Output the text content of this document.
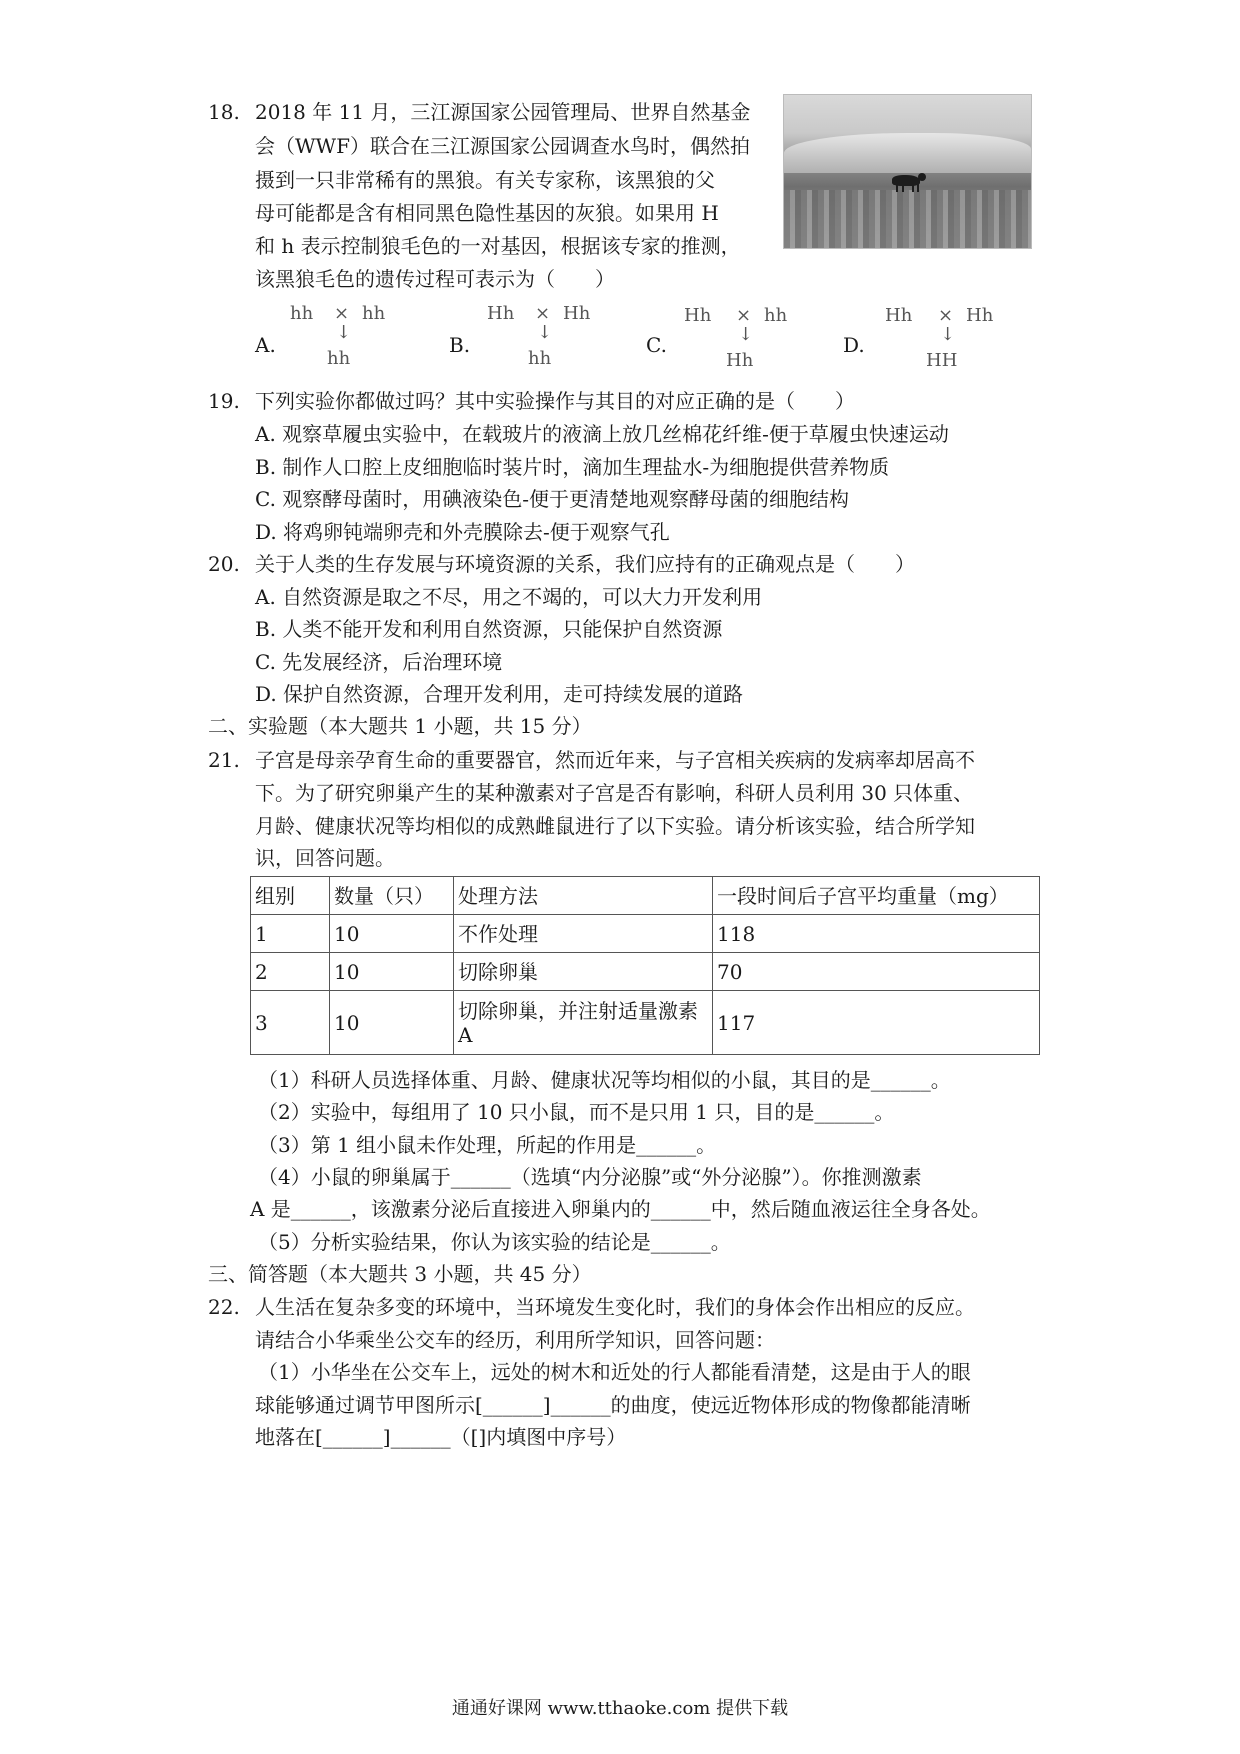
18. 2018 年 11 月，三江源国家公园管理局、世界自然基金
会（WWF）联合在三江源国家公园调查水鸟时，偶然拍
摄到一只非常稀有的黑狼。有关专家称，该黑狼的父
母可能都是含有相同黑色隐性基因的灰狼。如果用 H
和 h 表示控制狼毛色的一对基因，根据该专家的推测，
该黑狼毛色的遗传过程可表示为（　　）
A.
hh × hh
↓
hh
B.
Hh × Hh
↓
hh
C.
Hh × hh
↓
Hh
D.
Hh × Hh
↓
HH
19. 下列实验你都做过吗？其中实验操作与其目的对应正确的是（　　）
A. 观察草履虫实验中，在载玻片的液滴上放几丝棉花纤维-便于草履虫快速运动
B. 制作人口腔上皮细胞临时装片时，滴加生理盐水-为细胞提供营养物质
C. 观察酵母菌时，用碘液染色-便于更清楚地观察酵母菌的细胞结构
D. 将鸡卵钝端卵壳和外壳膜除去-便于观察气孔
20. 关于人类的生存发展与环境资源的关系，我们应持有的正确观点是（　　）
A. 自然资源是取之不尽，用之不竭的，可以大力开发利用
B. 人类不能开发和利用自然资源，只能保护自然资源
C. 先发展经济，后治理环境
D. 保护自然资源，合理开发利用，走可持续发展的道路
二、实验题（本大题共 1 小题，共 15 分）
21. 子宫是母亲孕育生命的重要器官，然而近年来，与子宫相关疾病的发病率却居高不
下。为了研究卵巢产生的某种激素对子宫是否有影响，科研人员利用 30 只体重、
月龄、健康状况等均相似的成熟雌鼠进行了以下实验。请分析该实验，结合所学知
识，回答问题。
组别	数量（只）	处理方法	一段时间后子宫平均重量（mg）
1	10	不作处理	118
2	10	切除卵巢	70
3	10	切除卵巢，并注射适量激素A	117
（1）科研人员选择体重、月龄、健康状况等均相似的小鼠，其目的是______。
（2）实验中，每组用了 10 只小鼠，而不是只用 1 只，目的是______。
（3）第 1 组小鼠未作处理，所起的作用是______。
（4）小鼠的卵巢属于______（选填“内分泌腺”或“外分泌腺”）。你推测激素
A 是______，该激素分泌后直接进入卵巢内的______中，然后随血液运往全身各处。
（5）分析实验结果，你认为该实验的结论是______。
三、简答题（本大题共 3 小题，共 45 分）
22. 人生活在复杂多变的环境中，当环境发生变化时，我们的身体会作出相应的反应。
请结合小华乘坐公交车的经历，利用所学知识，回答问题：
（1）小华坐在公交车上，远处的树木和近处的行人都能看清楚，这是由于人的眼
球能够通过调节甲图所示[______]______的曲度，使远近物体形成的物像都能清晰
地落在[______]______（[]内填图中序号）
通通好课网 www.tthaoke.com 提供下载
